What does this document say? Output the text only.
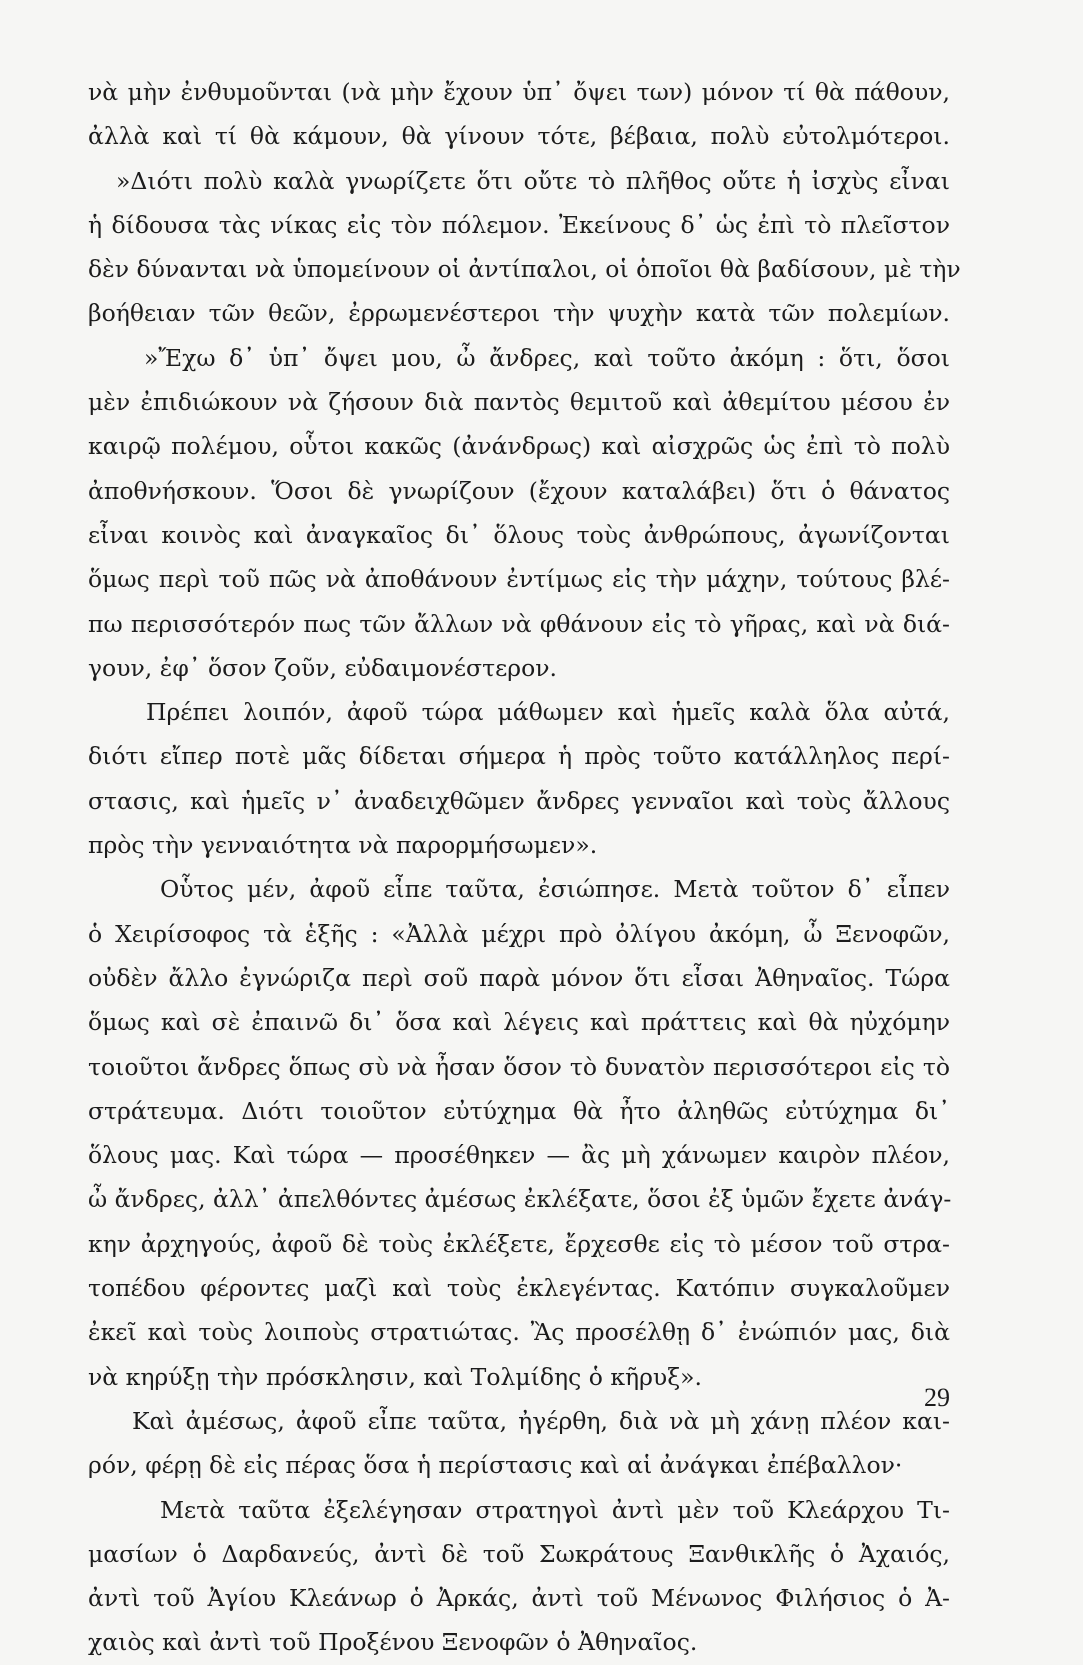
νὰ μὴν ἐνθυμοῦνται (νὰ μὴν ἔχουν ὑπ᾿ ὄψει των) μόνον τί θὰ πάθουν,
ἀλλὰ καὶ τί θὰ κάμουν, θὰ γίνουν τότε, βέβαια, πολὺ εὐτολμότεροι.
»Διότι πολὺ καλὰ γνωρίζετε ὅτι οὔτε τὸ πλῆθος οὔτε ἡ ἰσχὺς εἶναι
ἡ δίδουσα τὰς νίκας εἰς τὸν πόλεμον. Ἐκείνους δ᾿ ὡς ἐπὶ τὸ πλεῖστον
δὲν δύνανται νὰ ὑπομείνουν οἱ ἀντίπαλοι, οἱ ὁποῖοι θὰ βαδίσουν, μὲ τὴν
βοήθειαν τῶν θεῶν, ἐρρωμενέστεροι τὴν ψυχὴν κατὰ τῶν πολεμίων.
»Ἔχω δ᾿ ὑπ᾿ ὄψει μου, ὦ ἄνδρες, καὶ τοῦτο ἀκόμη : ὅτι, ὅσοι
μὲν ἐπιδιώκουν νὰ ζήσουν διὰ παντὸς θεμιτοῦ καὶ ἀθεμίτου μέσου ἐν
καιρῷ πολέμου, οὗτοι κακῶς (ἀνάνδρως) καὶ αἰσχρῶς ὡς ἐπὶ τὸ πολὺ
ἀποθνήσκουν. Ὅσοι δὲ γνωρίζουν (ἔχουν καταλάβει) ὅτι ὁ θάνατος
εἶναι κοινὸς καὶ ἀναγκαῖος δι᾿ ὅλους τοὺς ἀνθρώπους, ἀγωνίζονται
ὅμως περὶ τοῦ πῶς νὰ ἀποθάνουν ἐντίμως εἰς τὴν μάχην, τούτους βλέ-
πω περισσότερόν πως τῶν ἄλλων νὰ φθάνουν εἰς τὸ γῆρας, καὶ νὰ διά-
γουν, ἐφ᾿ ὅσον ζοῦν, εὐδαιμονέστερον.
Πρέπει λοιπόν, ἀφοῦ τώρα μάθωμεν καὶ ἡμεῖς καλὰ ὅλα αὐτά,
διότι εἴπερ ποτὲ μᾶς δίδεται σήμερα ἡ πρὸς τοῦτο κατάλληλος περί-
στασις, καὶ ἡμεῖς ν᾿ ἀναδειχθῶμεν ἄνδρες γενναῖοι καὶ τοὺς ἄλλους
πρὸς τὴν γενναιότητα νὰ παρορμήσωμεν».
Οὗτος μέν, ἀφοῦ εἶπε ταῦτα, ἐσιώπησε. Μετὰ τοῦτον δ᾿ εἶπεν
ὁ Χειρίσοφος τὰ ἑξῆς : «Ἀλλὰ μέχρι πρὸ ὀλίγου ἀκόμη, ὦ Ξενοφῶν,
οὐδὲν ἄλλο ἐγνώριζα περὶ σοῦ παρὰ μόνον ὅτι εἶσαι Ἀθηναῖος. Τώρα
ὅμως καὶ σὲ ἐπαινῶ δι᾿ ὅσα καὶ λέγεις καὶ πράττεις καὶ θὰ ηὐχόμην
τοιοῦτοι ἄνδρες ὅπως σὺ νὰ ἦσαν ὅσον τὸ δυνατὸν περισσότεροι εἰς τὸ
στράτευμα. Διότι τοιοῦτον εὐτύχημα θὰ ἦτο ἀληθῶς εὐτύχημα δι᾿
ὅλους μας. Καὶ τώρα — προσέθηκεν — ἂς μὴ χάνωμεν καιρὸν πλέον,
ὦ ἄνδρες, ἀλλ᾿ ἀπελθόντες ἀμέσως ἐκλέξατε, ὅσοι ἐξ ὑμῶν ἔχετε ἀνάγ-
κην ἀρχηγούς, ἀφοῦ δὲ τοὺς ἐκλέξετε, ἔρχεσθε εἰς τὸ μέσον τοῦ στρα-
τοπέδου φέροντες μαζὶ καὶ τοὺς ἐκλεγέντας. Κατόπιν συγκαλοῦμεν
ἐκεῖ καὶ τοὺς λοιποὺς στρατιώτας. Ἂς προσέλθῃ δ᾿ ἐνώπιόν μας, διὰ
νὰ κηρύξῃ τὴν πρόσκλησιν, καὶ Τολμίδης ὁ κῆρυξ».
Καὶ ἀμέσως, ἀφοῦ εἶπε ταῦτα, ἠγέρθη, διὰ νὰ μὴ χάνῃ πλέον και-
ρόν, φέρῃ δὲ εἰς πέρας ὅσα ἡ περίστασις καὶ αἱ ἀνάγκαι ἐπέβαλλον·
Μετὰ ταῦτα ἐξελέγησαν στρατηγοὶ ἀντὶ μὲν τοῦ Κλεάρχου Τι-
μασίων ὁ Δαρδανεύς, ἀντὶ δὲ τοῦ Σωκράτους Ξανθικλῆς ὁ Ἀχαιός,
ἀντὶ τοῦ Ἀγίου Κλεάνωρ ὁ Ἀρκάς, ἀντὶ τοῦ Μένωνος Φιλήσιος ὁ Ἀ-
χαιὸς καὶ ἀντὶ τοῦ Προξένου Ξενοφῶν ὁ Ἀθηναῖος.
29
